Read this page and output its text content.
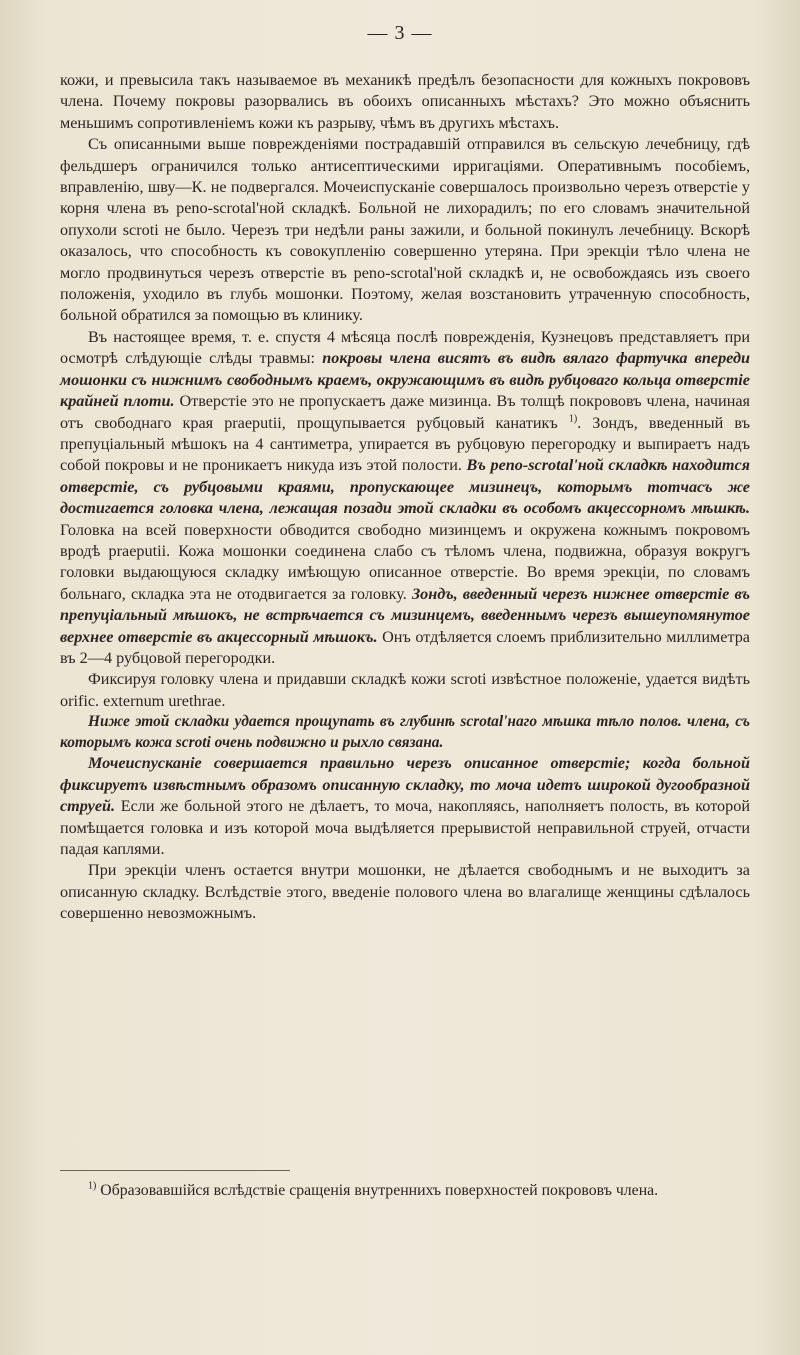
— 3 —

кожи, и превысила такъ называемое въ механикѣ предѣлъ безопасности для кожныхъ покрововъ члена. Почему покровы разорвались въ обоихъ описанныхъ мѣстахъ? Это можно объяснить меньшимъ сопротивленіемъ кожи къ разрыву, чѣмъ въ другихъ мѣстахъ.

Съ описанными выше поврежденіями пострадавшій отправился въ сельскую лечебницу, гдѣ фельдшеръ ограничился только антисептическими ирригаціями. Оперативнымъ пособіемъ, вправленію, шву—К. не подвергался. Мочеиспусканіе совершалось произвольно черезъ отверстіе у корня члена въ peno-scrotal'ной складкѣ. Больной не лихорадилъ; по его словамъ значительной опухоли scroti не было. Черезъ три недѣли раны зажили, и больной покинулъ лечебницу. Вскорѣ оказалось, что способность къ совокупленію совершенно утеряна. При эрекціи тѣло члена не могло продвинуться черезъ отверстіе въ peno-scrotal'ной складкѣ и, не освобождаясь изъ своего положенія, уходило въ глубь мошонки. Поэтому, желая возстановить утраченную способность, больной обратился за помощью въ клинику.

Въ настоящее время, т. е. спустя 4 мѣсяца послѣ поврежденія, Кузнецовъ представляетъ при осмотрѣ слѣдующіе слѣды травмы: покровы члена висятъ въ видѣ вялаго фартучка впереди мошонки съ нижнимъ свободнымъ краемъ, окружающимъ въ видѣ рубцоваго кольца отверстіе крайней плоти. Отверстіе это не пропускаетъ даже мизинца. Въ толщѣ покрововъ члена, начиная отъ свободнаго края praeputii, прощупывается рубцовый канатикъ $^{1)}$. Зондъ, введенный въ препуціальный мѣшокъ на 4 сантиметра, упирается въ рубцовую перегородку и выпираетъ надъ собой покровы и не проникаетъ никуда изъ этой полости. Въ peno-scrotal'ной складкѣ находится отверстіе, съ рубцовыми краями, пропускающее мизинецъ, которымъ тотчасъ же достигается головка члена, лежащая позади этой складки въ особомъ акцессорномъ мѣшкѣ. Головка на всей поверхности обводится свободно мизинцемъ и окружена кожнымъ покровомъ вродѣ praeputii. Кожа мошонки соединена слабо съ тѣломъ члена, подвижна, образуя вокругъ головки выдающуюся складку имѣющую описанное отверстіе. Во время эрекціи, по словамъ больнаго, складка эта не отодвигается за головку. Зондъ, введенный черезъ нижнее отверстіе въ препуціальный мѣшокъ, не встрѣчается съ мизинцемъ, введеннымъ черезъ вышеупомянутое верхнее отверстіе въ акцессорный мѣшокъ. Онъ отдѣляется слоемъ приблизительно миллиметра въ 2—4 рубцовой перегородки.

Фиксируя головку члена и придавши складкѣ кожи scroti извѣстное положеніе, удается видѣть orific. externum urethrae.

Ниже этой складки удается прощупать въ глубинѣ scrotal'наго мѣшка тѣло полов. члена, съ которымъ кожа scroti очень подвижно и рыхло связана.

Мочеиспусканіе совершается правильно черезъ описанное отверстіе; когда больной фиксируетъ извѣстнымъ образомъ описанную складку, то моча идетъ широкой дугообразной струей. Если же больной этого не дѣлаетъ, то моча, накопляясь, наполняетъ полость, въ которой помѣщается головка и изъ которой моча выдѣляется прерывистой неправильной струей, отчасти падая каплями.

При эрекціи членъ остается внутри мошонки, не дѣлается свободнымъ и не выходитъ за описанную складку. Вслѣдствіе этого, введеніе полового члена во влагалище женщины сдѣлалось совершенно невозможнымъ.

$^{1)}$ Образовавшійся вслѣдствіе сращенія внутреннихъ поверхностей покрововъ члена.
